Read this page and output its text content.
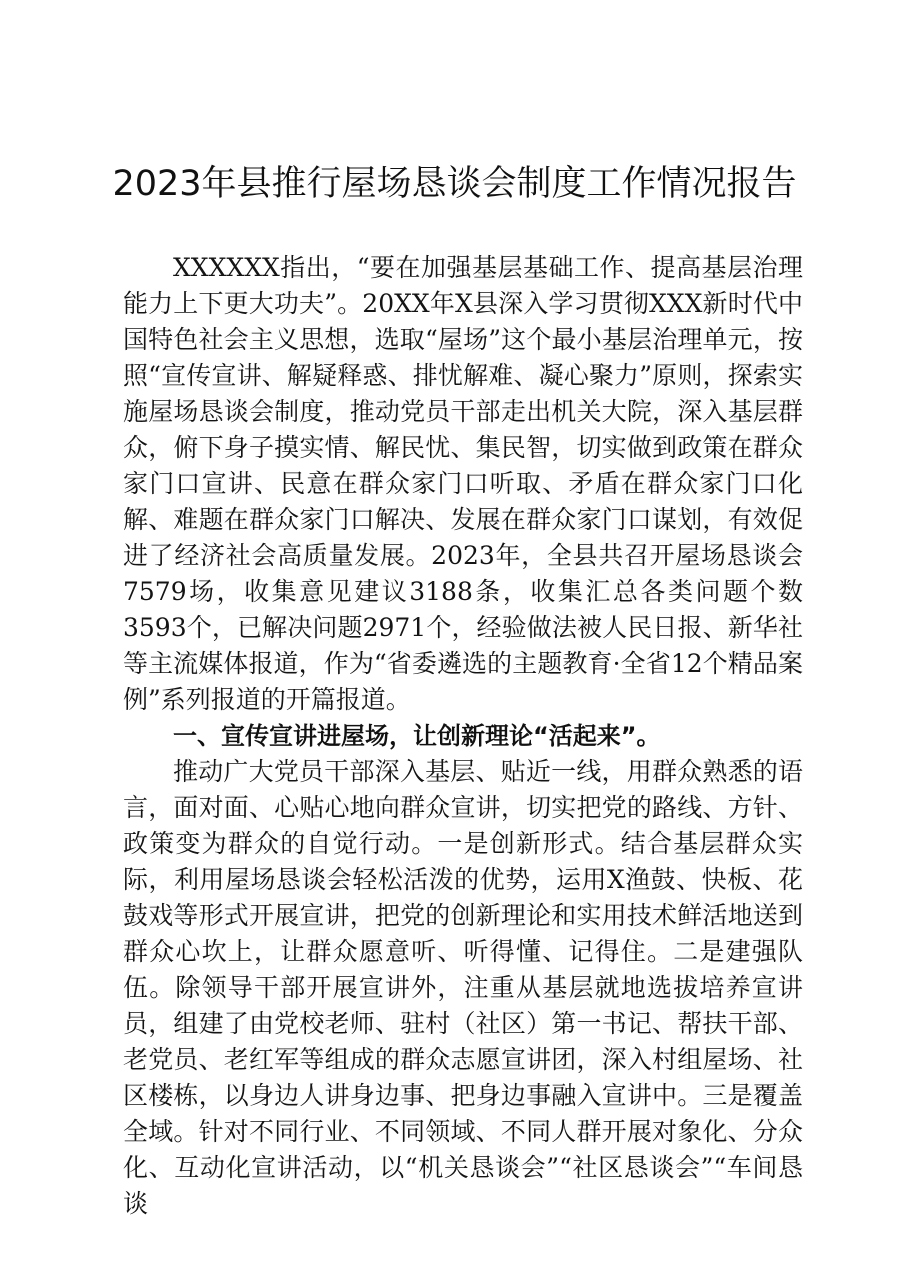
2023年县推行屋场恳谈会制度工作情况报告

XXXXXX指出，“要在加强基层基础工作、提高基层治理能力上下更大功夫”。20XX年X县深入学习贯彻XXX新时代中国特色社会主义思想，选取“屋场”这个最小基层治理单元，按照“宣传宣讲、解疑释惑、排忧解难、凝心聚力”原则，探索实施屋场恳谈会制度，推动党员干部走出机关大院，深入基层群众，俯下身子摸实情、解民忧、集民智，切实做到政策在群众家门口宣讲、民意在群众家门口听取、矛盾在群众家门口化解、难题在群众家门口解决、发展在群众家门口谋划，有效促进了经济社会高质量发展。2023年，全县共召开屋场恳谈会7579场，收集意见建议3188条，收集汇总各类问题个数3593个，已解决问题2971个，经验做法被人民日报、新华社等主流媒体报道，作为“省委遴选的主题教育·全省12个精品案例”系列报道的开篇报道。

一、宣传宣讲进屋场，让创新理论“活起来”。

推动广大党员干部深入基层、贴近一线，用群众熟悉的语言，面对面、心贴心地向群众宣讲，切实把党的路线、方针、政策变为群众的自觉行动。一是创新形式。结合基层群众实际，利用屋场恳谈会轻松活泼的优势，运用X渔鼓、快板、花鼓戏等形式开展宣讲，把党的创新理论和实用技术鲜活地送到群众心坎上，让群众愿意听、听得懂、记得住。二是建强队伍。除领导干部开展宣讲外，注重从基层就地选拔培养宣讲员，组建了由党校老师、驻村（社区）第一书记、帮扶干部、老党员、老红军等组成的群众志愿宣讲团，深入村组屋场、社区楼栋，以身边人讲身边事、把身边事融入宣讲中。三是覆盖全域。针对不同行业、不同领域、不同人群开展对象化、分众化、互动化宣讲活动，以“机关恳谈会”“社区恳谈会”“车间恳谈
